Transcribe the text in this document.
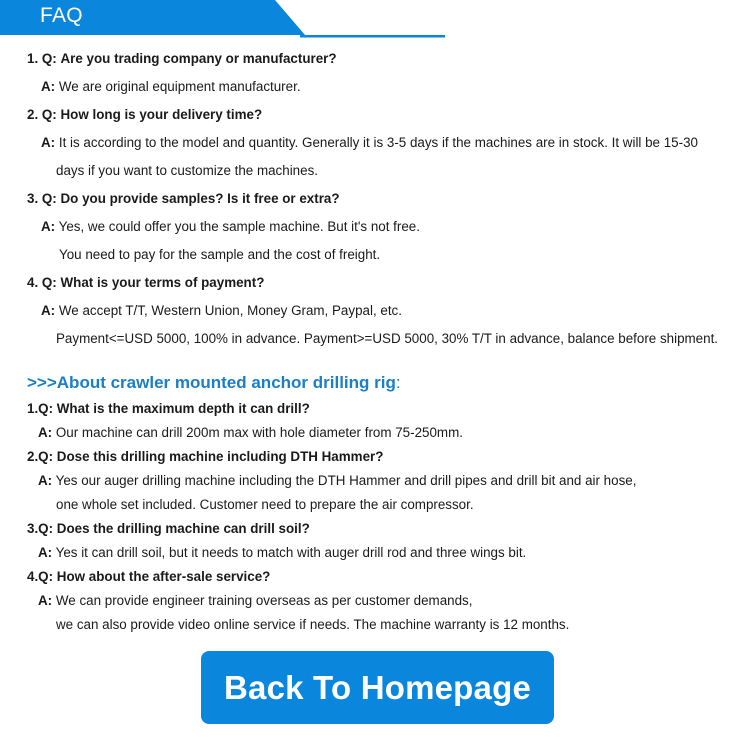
FAQ
1. Q: Are you trading company or manufacturer?
A: We are original equipment manufacturer.
2. Q: How long is your delivery time?
A: It is according to the model and quantity. Generally it is 3-5 days if the machines are in stock. It will be 15-30
days if you want to customize the machines.
3. Q: Do you provide samples? Is it free or extra?
A: Yes, we could offer you the sample machine. But it's not free.
You need to pay for the sample and the cost of freight.
4. Q: What is your terms of payment?
A: We accept T/T, Western Union, Money Gram, Paypal, etc.
Payment<=USD 5000, 100% in advance. Payment>=USD 5000, 30% T/T in advance, balance before shipment.
>>>About crawler mounted anchor drilling rig:
1.Q: What is the maximum depth it can drill?
A: Our machine can drill 200m max with hole diameter from 75-250mm.
2.Q: Dose this drilling machine including DTH Hammer?
A: Yes our auger drilling machine including the DTH Hammer and drill pipes and drill bit and air hose,
one whole set included. Customer need to prepare the air compressor.
3.Q: Does the drilling machine can drill soil?
A: Yes it can drill soil, but it needs to match with auger drill rod and three wings bit.
4.Q: How about the after-sale service?
A: We can provide engineer training overseas as per customer demands,
we can also provide video online service if needs. The machine warranty is 12 months.
Back To Homepage
